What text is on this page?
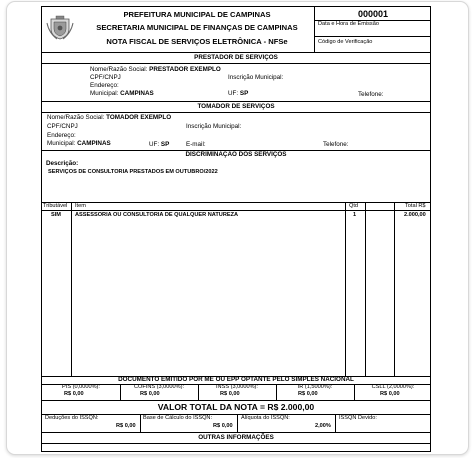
PREFEITURA MUNICIPAL DE CAMPINAS
SECRETARIA MUNICIPAL DE FINANÇAS DE CAMPINAS
NOTA FISCAL DE SERVIÇOS ELETRÔNICA - NFSe
000001
Data e Hora de Emissão
Código de Verificação
PRESTADOR DE SERVIÇOS
Nome/Razão Social: PRESTADOR EXEMPLO
CPF/CNPJ	Inscrição Municipal:
Endereço:
Municipal: CAMPINAS	UF: SP	Telefone:
TOMADOR DE SERVIÇOS
Nome/Razão Social: TOMADOR EXEMPLO
CPF/CNPJ	Inscrição Municipal:
Endereço:
Municipal: CAMPINAS	UF: SP	E-mail:	Telefone:
DISCRIMINAÇÃO DOS SERVIÇOS
Descrição:
SERVIÇOS DE CONSULTORIA PRESTADOS EM OUTUBRO/2022
Tributável Item	Qtd	Total R$
SIM	ASSESSORIA OU CONSULTORIA DE QUALQUER NATUREZA	1	2.000,00
DOCUMENTO EMITIDO POR ME OU EPP OPTANTE PELO SIMPLES NACIONAL
PIS (0,0000%):
R$ 0,00
COFINS (3,0000%):
R$ 0,00
INSS (3,0000%):
R$ 0,00
IR (1,5000%):
R$ 0,00
CSLL (2,0000%):
R$ 0,00
VALOR TOTAL DA NOTA = R$ 2.000,00
Deduções do ISSQN:
R$ 0,00
Base de Cálculo do ISSQN:
R$ 0,00
Alíquota do ISSQN:
2,00%
ISSQN Devido:
OUTRAS INFORMAÇÕES
